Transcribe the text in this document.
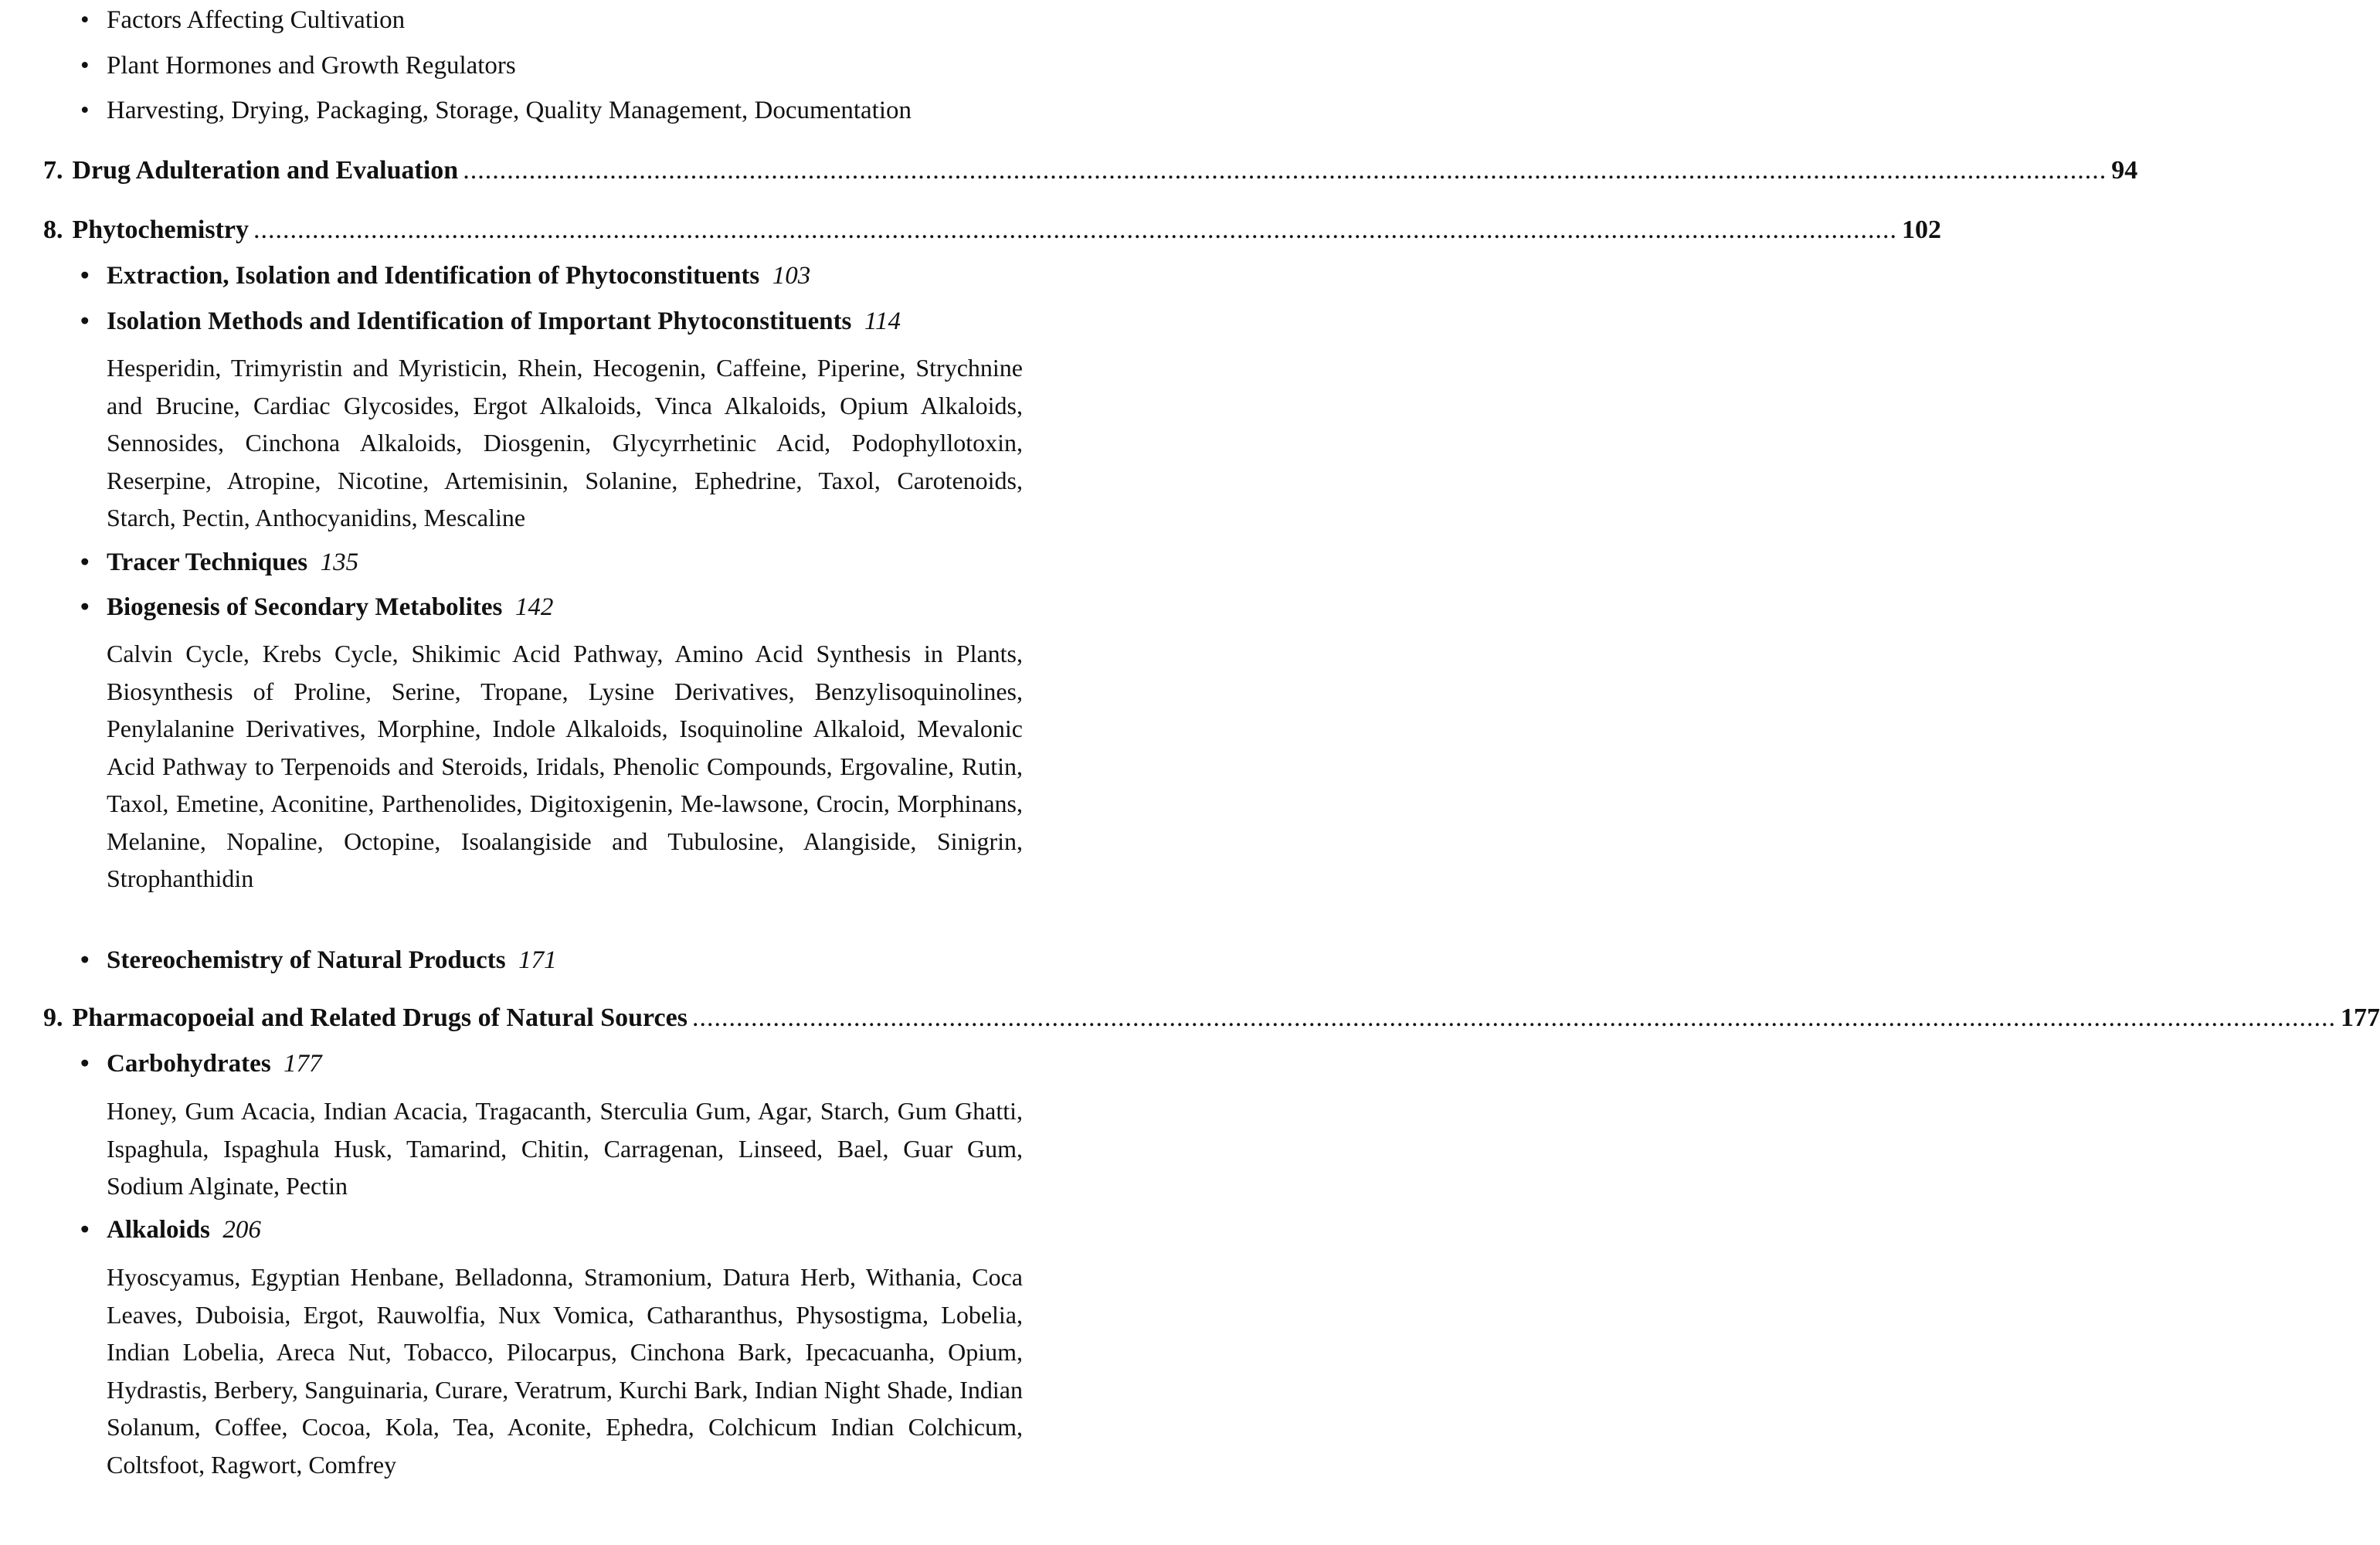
• Factors Affecting Cultivation
• Plant Hormones and Growth Regulators
• Harvesting, Drying, Packaging, Storage, Quality Management, Documentation
7. Drug Adulteration and Evaluation .....	94
8. Phytochemistry .....	102
• Extraction, Isolation and Identification of Phytoconstituents 103
• Isolation Methods and Identification of Important Phytoconstituents 114
Hesperidin, Trimyristin and Myristicin, Rhein, Hecogenin, Caffeine, Piperine, Strychnine and Brucine, Cardiac Glycosides, Ergot Alkaloids, Vinca Alkaloids, Opium Alkaloids, Sennosides, Cinchona Alkaloids, Diosgenin, Glycyrrhetinic Acid, Podophyllotoxin, Reserpine, Atropine, Nicotine, Artemisinin, Solanine, Ephedrine, Taxol, Carotenoids, Starch, Pectin, Anthocyanidins, Mescaline
• Tracer Techniques 135
• Biogenesis of Secondary Metabolites 142
Calvin Cycle, Krebs Cycle, Shikimic Acid Pathway, Amino Acid Synthesis in Plants, Biosynthesis of Proline, Serine, Tropane, Lysine Derivatives, Benzylisoquinolines, Penylalanine Derivatives, Morphine, Indole Alkaloids, Isoquinoline Alkaloid, Mevalonic Acid Pathway to Terpenoids and Steroids, Iridals, Phenolic Compounds, Ergovaline, Rutin, Taxol, Emetine, Aconitine, Parthenolides, Digitoxigenin, Me-lawsone, Crocin, Morphinans, Melanine, Nopaline, Octopine, Isoalangiside and Tubulosine, Alangiside, Sinigrin, Strophanthidin
• Stereochemistry of Natural Products 171
9. Pharmacopoeial and Related Drugs of Natural Sources .....	177
• Carbohydrates 177
Honey, Gum Acacia, Indian Acacia, Tragacanth, Sterculia Gum, Agar, Starch, Gum Ghatti, Ispaghula, Ispaghula Husk, Tamarind, Chitin, Carragenan, Linseed, Bael, Guar Gum, Sodium Alginate, Pectin
• Alkaloids 206
Hyoscyamus, Egyptian Henbane, Belladonna, Stramonium, Datura Herb, Withania, Coca Leaves, Duboisia, Ergot, Rauwolfia, Nux Vomica, Catharanthus, Physostigma, Lobelia, Indian Lobelia, Areca Nut, Tobacco, Pilocarpus, Cinchona Bark, Ipecacuanha, Opium, Hydrastis, Berbery, Sanguinaria, Curare, Veratrum, Kurchi Bark, Indian Night Shade, Indian Solanum, Coffee, Cocoa, Kola, Tea, Aconite, Ephedra, Colchicum Indian Colchicum, Coltsfoot, Ragwort, Comfrey
